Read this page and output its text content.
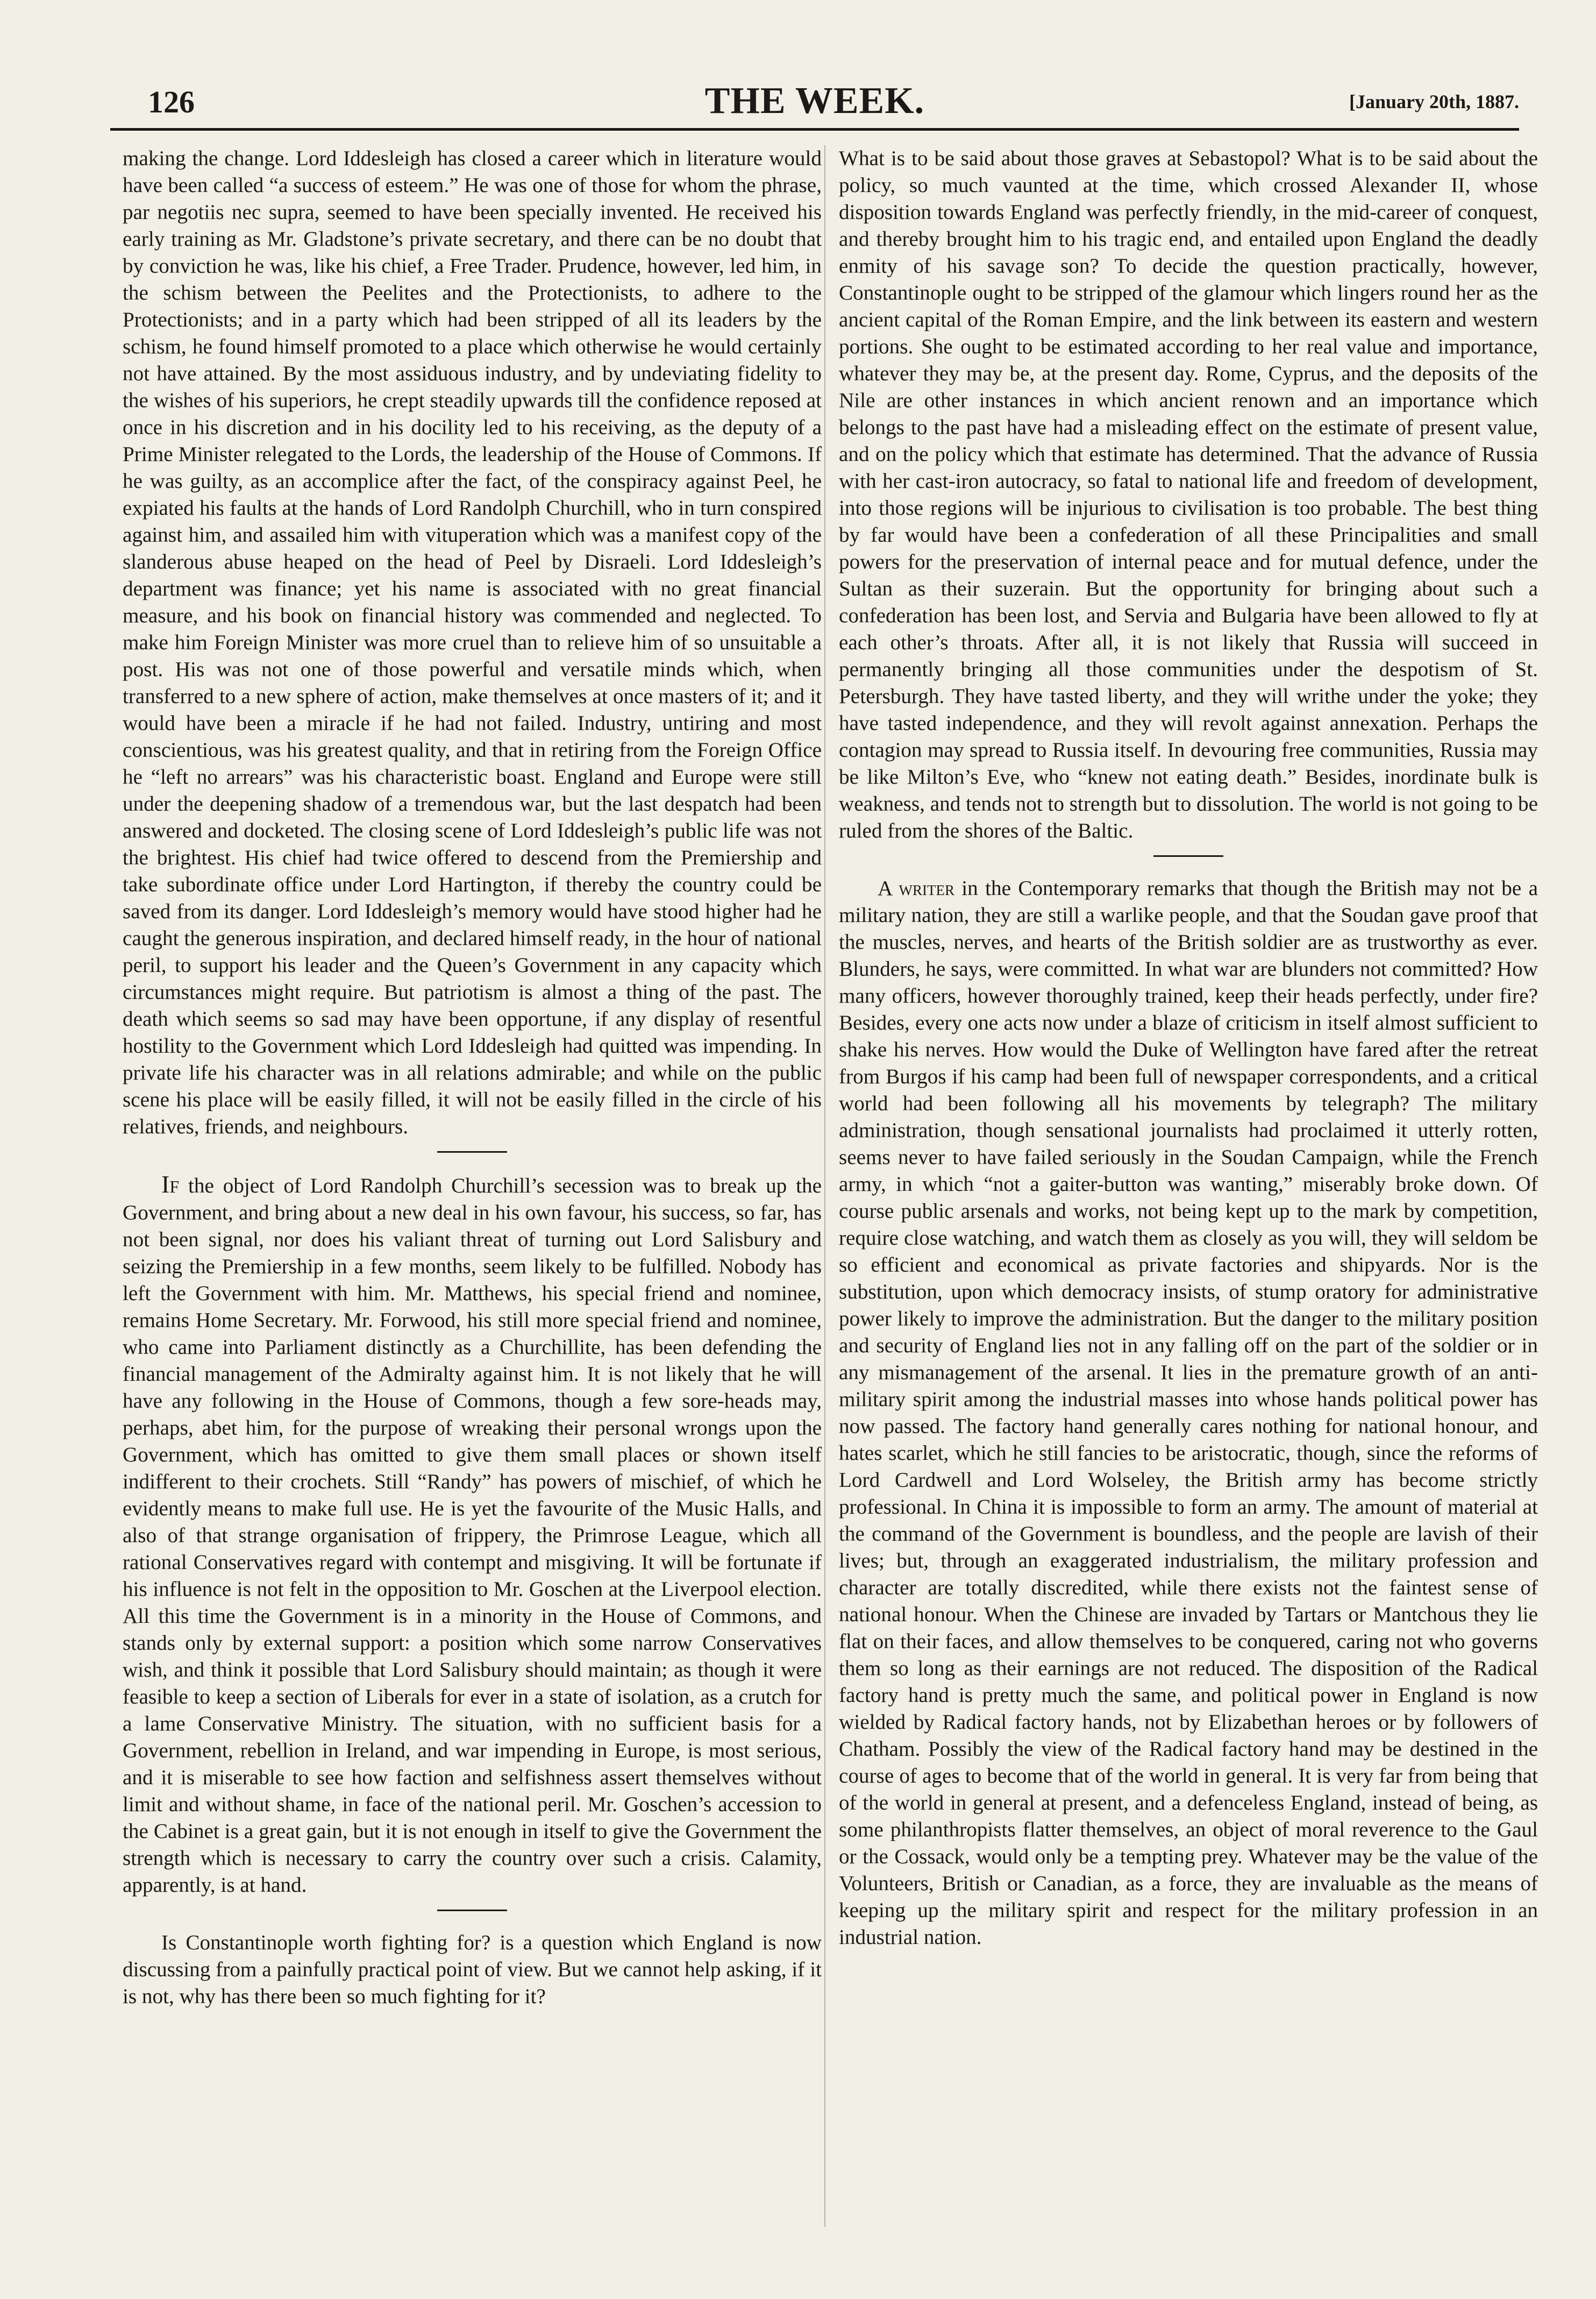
126	THE WEEK.	[January 20th, 1887.

making the change. Lord Iddesleigh has closed a career which in literature would have been called “a success of esteem.” He was one of those for whom the phrase, par negotiis nec supra, seemed to have been specially invented. He received his early training as Mr. Gladstone’s private secretary, and there can be no doubt that by conviction he was, like his chief, a Free Trader. Prudence, however, led him, in the schism between the Peelites and the Protectionists, to adhere to the Protectionists; and in a party which had been stripped of all its leaders by the schism, he found himself promoted to a place which otherwise he would certainly not have attained. By the most assiduous industry, and by undeviating fidelity to the wishes of his superiors, he crept steadily upwards till the confidence reposed at once in his discretion and in his docility led to his receiving, as the deputy of a Prime Minister relegated to the Lords, the leadership of the House of Commons. If he was guilty, as an accomplice after the fact, of the conspiracy against Peel, he expiated his faults at the hands of Lord Randolph Churchill, who in turn conspired against him, and assailed him with vituperation which was a manifest copy of the slanderous abuse heaped on the head of Peel by Disraeli. Lord Iddesleigh’s department was finance; yet his name is associated with no great financial measure, and his book on financial history was commended and neglected. To make him Foreign Minister was more cruel than to relieve him of so unsuitable a post. His was not one of those powerful and versatile minds which, when transferred to a new sphere of action, make themselves at once masters of it; and it would have been a miracle if he had not failed. Industry, untiring and most conscientious, was his greatest quality, and that in retiring from the Foreign Office he “left no arrears” was his characteristic boast. England and Europe were still under the deepening shadow of a tremendous war, but the last despatch had been answered and docketed. The closing scene of Lord Iddesleigh’s public life was not the brightest. His chief had twice offered to descend from the Premiership and take subordinate office under Lord Hartington, if thereby the country could be saved from its danger. Lord Iddesleigh’s memory would have stood higher had he caught the generous inspiration, and declared himself ready, in the hour of national peril, to support his leader and the Queen’s Government in any capacity which circumstances might require. But patriotism is almost a thing of the past. The death which seems so sad may have been opportune, if any display of resentful hostility to the Government which Lord Iddesleigh had quitted was impending. In private life his character was in all relations admirable; and while on the public scene his place will be easily filled, it will not be easily filled in the circle of his relatives, friends, and neighbours.

If the object of Lord Randolph Churchill’s secession was to break up the Government, and bring about a new deal in his own favour, his success, so far, has not been signal, nor does his valiant threat of turning out Lord Salisbury and seizing the Premiership in a few months, seem likely to be fulfilled. Nobody has left the Government with him. Mr. Matthews, his special friend and nominee, remains Home Secretary. Mr. Forwood, his still more special friend and nominee, who came into Parliament distinctly as a Churchillite, has been defending the financial management of the Admiralty against him. It is not likely that he will have any following in the House of Commons, though a few sore-heads may, perhaps, abet him, for the purpose of wreaking their personal wrongs upon the Government, which has omitted to give them small places or shown itself indifferent to their crochets. Still “Randy” has powers of mischief, of which he evidently means to make full use. He is yet the favourite of the Music Halls, and also of that strange organisation of frippery, the Primrose League, which all rational Conservatives regard with contempt and misgiving. It will be fortunate if his influence is not felt in the opposition to Mr. Goschen at the Liverpool election. All this time the Government is in a minority in the House of Commons, and stands only by external support: a position which some narrow Conservatives wish, and think it possible that Lord Salisbury should maintain; as though it were feasible to keep a section of Liberals for ever in a state of isolation, as a crutch for a lame Conservative Ministry. The situation, with no sufficient basis for a Government, rebellion in Ireland, and war impending in Europe, is most serious, and it is miserable to see how faction and selfishness assert themselves without limit and without shame, in face of the national peril. Mr. Goschen’s accession to the Cabinet is a great gain, but it is not enough in itself to give the Government the strength which is necessary to carry the country over such a crisis. Calamity, apparently, is at hand.

Is Constantinople worth fighting for? is a question which England is now discussing from a painfully practical point of view. But we cannot help asking, if it is not, why has there been so much fighting for it?

What is to be said about those graves at Sebastopol? What is to be said about the policy, so much vaunted at the time, which crossed Alexander II, whose disposition towards England was perfectly friendly, in the mid-career of conquest, and thereby brought him to his tragic end, and entailed upon England the deadly enmity of his savage son? To decide the question practically, however, Constantinople ought to be stripped of the glamour which lingers round her as the ancient capital of the Roman Empire, and the link between its eastern and western portions. She ought to be estimated according to her real value and importance, whatever they may be, at the present day. Rome, Cyprus, and the deposits of the Nile are other instances in which ancient renown and an importance which belongs to the past have had a misleading effect on the estimate of present value, and on the policy which that estimate has determined. That the advance of Russia with her cast-iron autocracy, so fatal to national life and freedom of development, into those regions will be injurious to civilisation is too probable. The best thing by far would have been a confederation of all these Principalities and small powers for the preservation of internal peace and for mutual defence, under the Sultan as their suzerain. But the opportunity for bringing about such a confederation has been lost, and Servia and Bulgaria have been allowed to fly at each other’s throats. After all, it is not likely that Russia will succeed in permanently bringing all those communities under the despotism of St. Petersburgh. They have tasted liberty, and they will writhe under the yoke; they have tasted independence, and they will revolt against annexation. Perhaps the contagion may spread to Russia itself. In devouring free communities, Russia may be like Milton’s Eve, who “knew not eating death.” Besides, inordinate bulk is weakness, and tends not to strength but to dissolution. The world is not going to be ruled from the shores of the Baltic.

A writer in the Contemporary remarks that though the British may not be a military nation, they are still a warlike people, and that the Soudan gave proof that the muscles, nerves, and hearts of the British soldier are as trustworthy as ever. Blunders, he says, were committed. In what war are blunders not committed? How many officers, however thoroughly trained, keep their heads perfectly, under fire? Besides, every one acts now under a blaze of criticism in itself almost sufficient to shake his nerves. How would the Duke of Wellington have fared after the retreat from Burgos if his camp had been full of newspaper correspondents, and a critical world had been following all his movements by telegraph? The military administration, though sensational journalists had proclaimed it utterly rotten, seems never to have failed seriously in the Soudan Campaign, while the French army, in which “not a gaiter-button was wanting,” miserably broke down. Of course public arsenals and works, not being kept up to the mark by competition, require close watching, and watch them as closely as you will, they will seldom be so efficient and economical as private factories and shipyards. Nor is the substitution, upon which democracy insists, of stump oratory for administrative power likely to improve the administration. But the danger to the military position and security of England lies not in any falling off on the part of the soldier or in any mismanagement of the arsenal. It lies in the premature growth of an anti-military spirit among the industrial masses into whose hands political power has now passed. The factory hand generally cares nothing for national honour, and hates scarlet, which he still fancies to be aristocratic, though, since the reforms of Lord Cardwell and Lord Wolseley, the British army has become strictly professional. In China it is impossible to form an army. The amount of material at the command of the Government is boundless, and the people are lavish of their lives; but, through an exaggerated industrialism, the military profession and character are totally discredited, while there exists not the faintest sense of national honour. When the Chinese are invaded by Tartars or Mantchous they lie flat on their faces, and allow themselves to be conquered, caring not who governs them so long as their earnings are not reduced. The disposition of the Radical factory hand is pretty much the same, and political power in England is now wielded by Radical factory hands, not by Elizabethan heroes or by followers of Chatham. Possibly the view of the Radical factory hand may be destined in the course of ages to become that of the world in general. It is very far from being that of the world in general at present, and a defenceless England, instead of being, as some philanthropists flatter themselves, an object of moral reverence to the Gaul or the Cossack, would only be a tempting prey. Whatever may be the value of the Volunteers, British or Canadian, as a force, they are invaluable as the means of keeping up the military spirit and respect for the military profession in an industrial nation.
